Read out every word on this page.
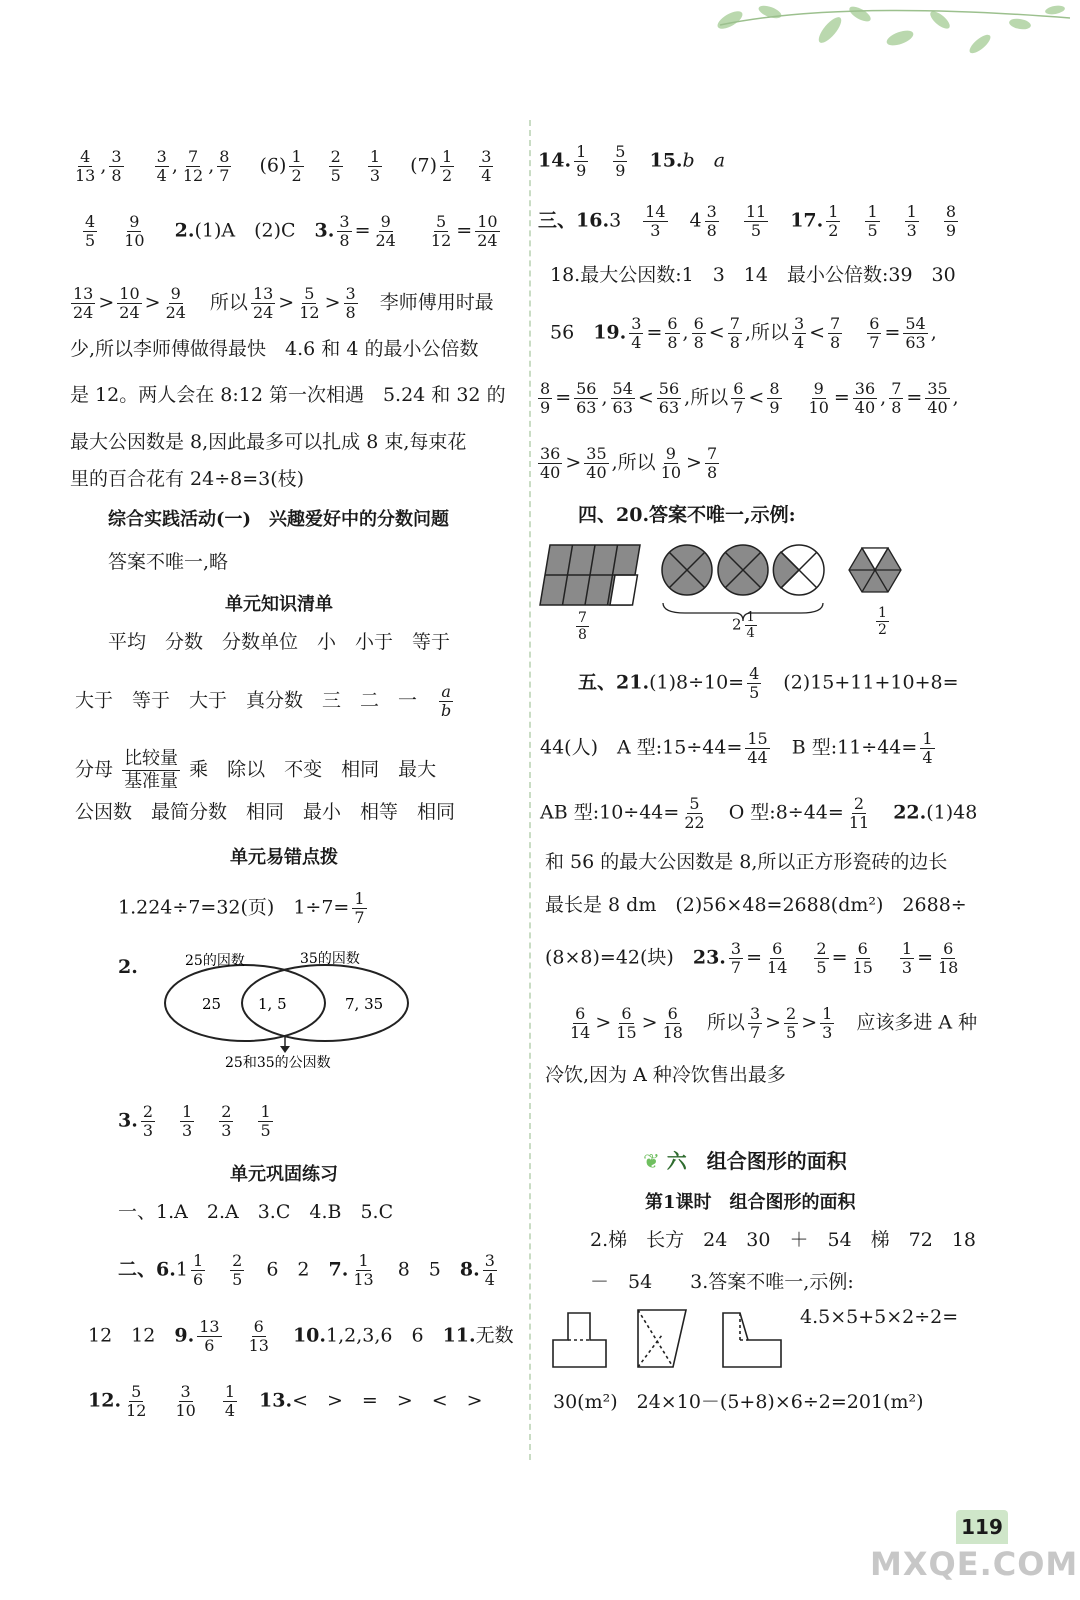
$\frac{4}{13}$ , $\frac{3}{8}$
　 $\frac{3}{4}$ , $\frac{7}{12}$ , $\frac{8}{7}$ 　 $(6) \frac{1}{2}$
　 $\frac{2}{5}$
　 $\frac{1}{3}$ 　 $(7) \frac{1}{2}$
　 $\frac{3}{4}$
$\frac{4}{5}$
　 $\frac{9}{10}$
　 2.(1)A　(2)C　3. $\frac{3}{8} = \frac{9}{24}$
　 $\frac{5}{12} = \frac{10}{24}$
$\frac{13}{24} > \frac{10}{24} > \frac{9}{24}$ 　所以 $\frac{13}{24} > \frac{5}{12} > \frac{3}{8}$
　 李师傅用时最
少,所以李师傅做得最快　4.6 和 4 的最小公倍数
是 12。两人会在 8:12 第一次相遇　5.24 和 32 的
最大公因数是 8,因此最多可以扎成 8 束,每束花
里的百合花有 24÷8=3(枝)
综合实践活动(一)　兴趣爱好中的分数问题
答案不唯一,略
单元知识清单
平均　分数　分数单位　小　小于　等于
大于　等于　大于　真分数　三　二　一　 $\frac{a}{b}$
分母 比较量
基准量
乘　除以　不变　相同　最大
公因数　最简分数　相同　最小　相等　相同
单元易错点拨
1.224÷7=32(页)　$1\div 7= \frac{1}{7}$
2.	25的因数	35的因数
25 1, 5	7, 35
25和35的公因数
3. $\frac{2}{3}$
　 $\frac{1}{3}$
　 $\frac{2}{3}$
　 $\frac{1}{5}$
单元巩固练习
一、1.A　2.A　3.C　4.B　5.C
二、$6.1 \frac{1}{6}$
　 $\frac{2}{5}$ 　6　2　7. $\frac{1}{13}$ 　8　5　8. $\frac{3}{4}$
12　12　9. $\frac{13}{6}$
　 $\frac{6}{13}$
　 10.1,2,3,6　6　11.无数
12. $\frac{5}{12}$
　 $\frac{3}{10}$
　 $\frac{1}{4}$
　 13.<　>　=　>　<　>
14. $\frac{1}{9}$
　 $\frac{5}{9}$
　 15.b　 a
三、16.3　 $\frac{14}{3}$ 　$4 \frac{3}{8}$
　 $\frac{11}{5}$
　 17. $\frac{1}{2}$
　 $\frac{1}{5}$
　 $\frac{1}{3}$
　 $\frac{8}{9}$
18.最大公因数:1　3　14　最小公倍数:39　30
56　19. $\frac{3}{4} = \frac{6}{8}$ , $\frac{6}{8} < \frac{7}{8}$ ,所以 $\frac{3}{4} < \frac{7}{8}$
　 $\frac{6}{7} = \frac{54}{63}$ ,
$\frac{8}{9} = \frac{56}{63}$ , $\frac{54}{63} < \frac{56}{63}$ ,所以 $\frac{6}{7} < \frac{8}{9}$
　 $\frac{9}{10} = \frac{36}{40}$ , $\frac{7}{8} = \frac{35}{40}$ ,
$\frac{36}{40} > \frac{35}{40}$ ,所以 $\frac{9}{10} > \frac{7}{8}$
四、20.答案不唯一,示例:
$\frac{7}{8}$	$2 \frac{1}{4}$	$\frac{1}{2}$
五、$21.(1)8\div 10= \frac{4}{5}$ 　(2)15+11+10+8=
44(人)　A 型:15÷44= $\frac{15}{44}$ 　B 型:11÷44= $\frac{1}{4}$
AB 型:10÷44= $\frac{5}{22}$ 　O 型:8÷44= $\frac{2}{11}$
　 22.(1)48
和 56 的最大公因数是 8,所以正方形瓷砖的边长
最长是 8 dm　(2)56×48=2688(dm²)　2688÷
(8×8)=42(块)　23. $\frac{3}{7} = \frac{6}{14}$
　 $\frac{2}{5} = \frac{6}{15}$
　 $\frac{1}{3} = \frac{6}{18}$
$\frac{6}{14} > \frac{6}{15} > \frac{6}{18}$ 　所以 $\frac{3}{7} > \frac{2}{5} > \frac{1}{3}$
　 应该多进 A 种
冷饮,因为 A 种冷饮售出最多
❦ 六　 组合图形的面积
第1课时　组合图形的面积
2.梯　长方　24　30　＋　54　梯　72　18
－　54　　3.答案不唯一,示例:
4.5×5+5×2÷2=
30(m²)　24×10－(5+8)×6÷2=201(m²)
119
MXQE.COM
